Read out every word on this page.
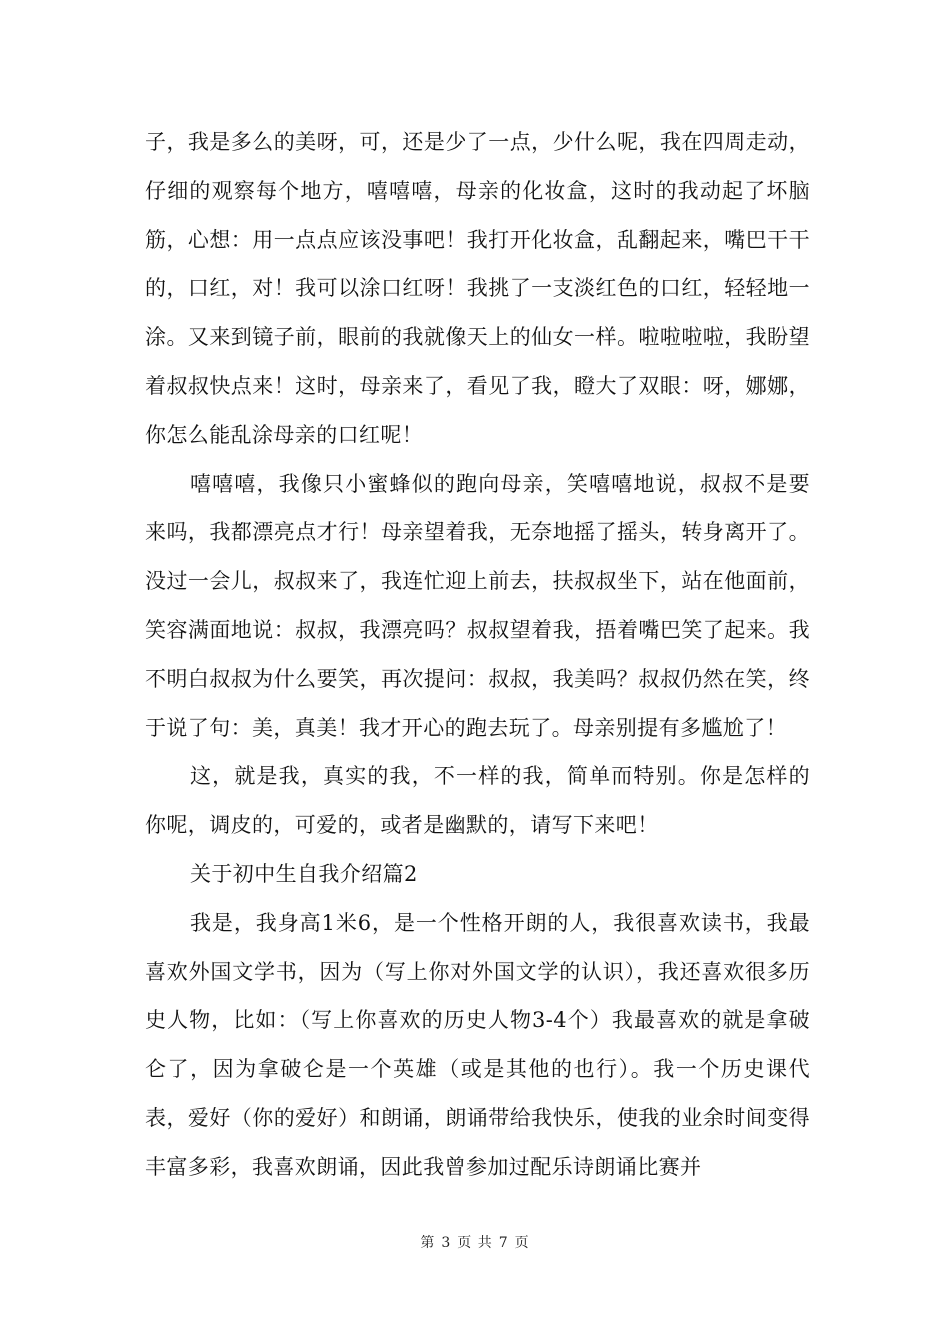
子，我是多么的美呀，可，还是少了一点，少什么呢，我在四周走动，仔细的观察每个地方，嘻嘻嘻，母亲的化妆盒，这时的我动起了坏脑筋，心想：用一点点应该没事吧！我打开化妆盒，乱翻起来，嘴巴干干的，口红，对！我可以涂口红呀！我挑了一支淡红色的口红，轻轻地一涂。又来到镜子前，眼前的我就像天上的仙女一样。啦啦啦啦，我盼望着叔叔快点来！这时，母亲来了，看见了我，瞪大了双眼：呀，娜娜，你怎么能乱涂母亲的口红呢！

嘻嘻嘻，我像只小蜜蜂似的跑向母亲，笑嘻嘻地说，叔叔不是要来吗，我都漂亮点才行！母亲望着我，无奈地摇了摇头，转身离开了。没过一会儿，叔叔来了，我连忙迎上前去，扶叔叔坐下，站在他面前，笑容满面地说：叔叔，我漂亮吗？叔叔望着我，捂着嘴巴笑了起来。我不明白叔叔为什么要笑，再次提问：叔叔，我美吗？叔叔仍然在笑，终于说了句：美，真美！我才开心的跑去玩了。母亲别提有多尴尬了！

这，就是我，真实的我，不一样的我，简单而特别。你是怎样的你呢，调皮的，可爱的，或者是幽默的，请写下来吧！

关于初中生自我介绍篇2

我是，我身高1米6，是一个性格开朗的人，我很喜欢读书，我最喜欢外国文学书，因为（写上你对外国文学的认识），我还喜欢很多历史人物，比如：（写上你喜欢的历史人物3-4个）我最喜欢的就是拿破仑了，因为拿破仑是一个英雄（或是其他的也行）。我一个历史课代表，爱好（你的爱好）和朗诵，朗诵带给我快乐，使我的业余时间变得丰富多彩，我喜欢朗诵，因此我曾参加过配乐诗朗诵比赛并

第 3 页 共 7 页
